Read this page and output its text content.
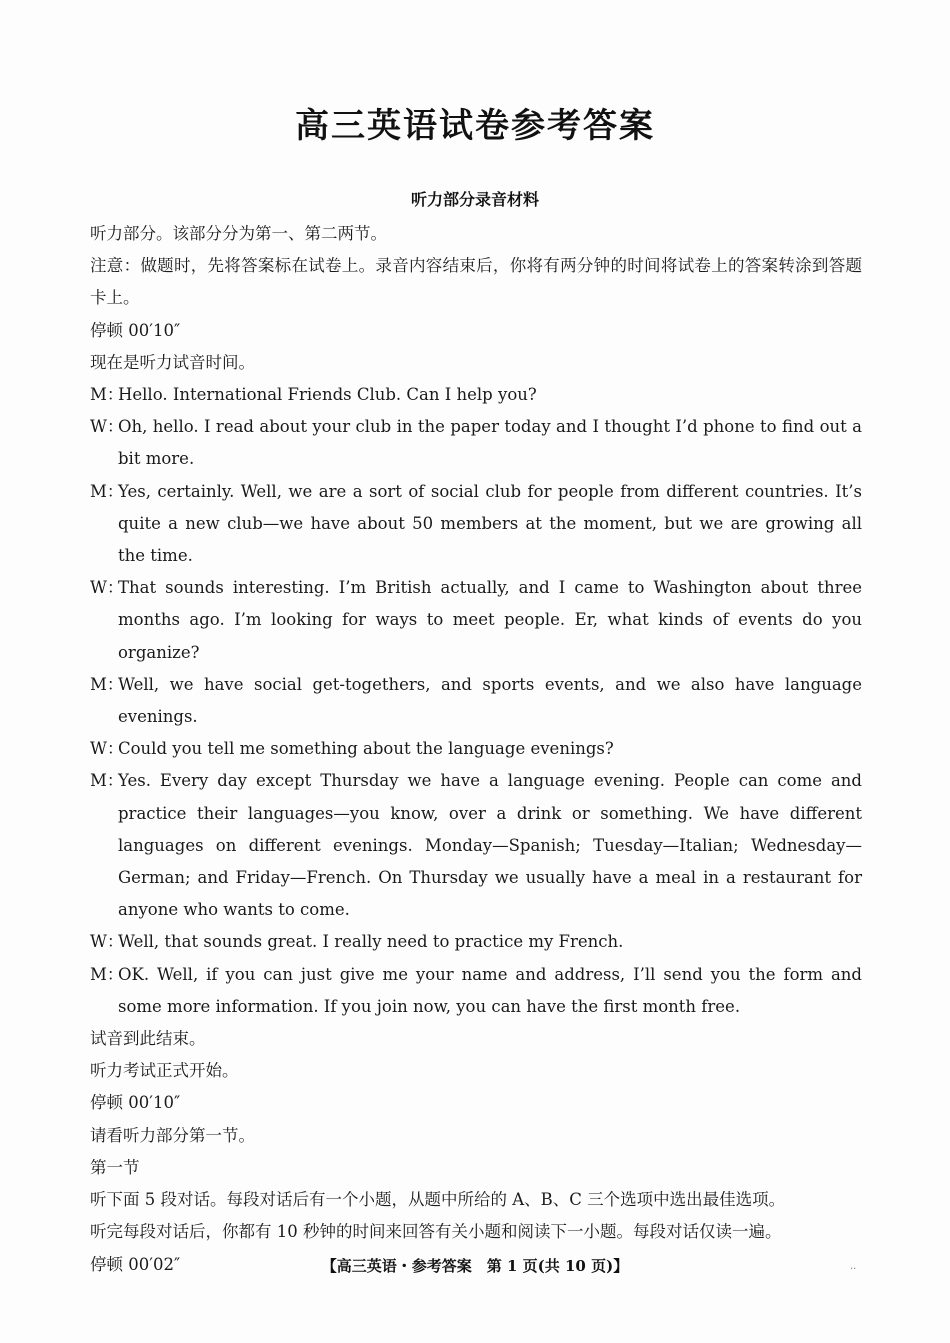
高三英语试卷参考答案
听力部分录音材料
听力部分。该部分分为第一、第二两节。
注意：做题时，先将答案标在试卷上。录音内容结束后，你将有两分钟的时间将试卷上的答案转涂到答题卡上。
停顿 00′10″
现在是听力试音时间。
M：
Hello. International Friends Club. Can I help you?
W：
Oh, hello. I read about your club in the paper today and I thought I’d phone to find out a bit more.
M：
Yes, certainly. Well, we are a sort of social club for people from different countries. It’s quite a new club—we have about 50 members at the moment, but we are growing all the time.
W：
That sounds interesting. I’m British actually, and I came to Washington about three months ago. I’m looking for ways to meet people. Er, what kinds of events do you organize?
M：
Well, we have social get-togethers, and sports events, and we also have language evenings.
W：
Could you tell me something about the language evenings?
M：
Yes. Every day except Thursday we have a language evening. People can come and practice their languages—you know, over a drink or something. We have different languages on different evenings. Monday—Spanish; Tuesday—Italian; Wednesday—German; and Friday—French. On Thursday we usually have a meal in a restaurant for anyone who wants to come.
W：
Well, that sounds great. I really need to practice my French.
M：
OK. Well, if you can just give me your name and address, I’ll send you the form and some more information. If you join now, you can have the first month free.
试音到此结束。
听力考试正式开始。
停顿 00′10″
请看听力部分第一节。
第一节
听下面 5 段对话。每段对话后有一个小题，从题中所给的 A、B、C 三个选项中选出最佳选项。
听完每段对话后，你都有 10 秒钟的时间来回答有关小题和阅读下一小题。每段对话仅读一遍。
停顿 00′02″	【高三英语・参考答案　第 1 页(共 10 页)】	..
